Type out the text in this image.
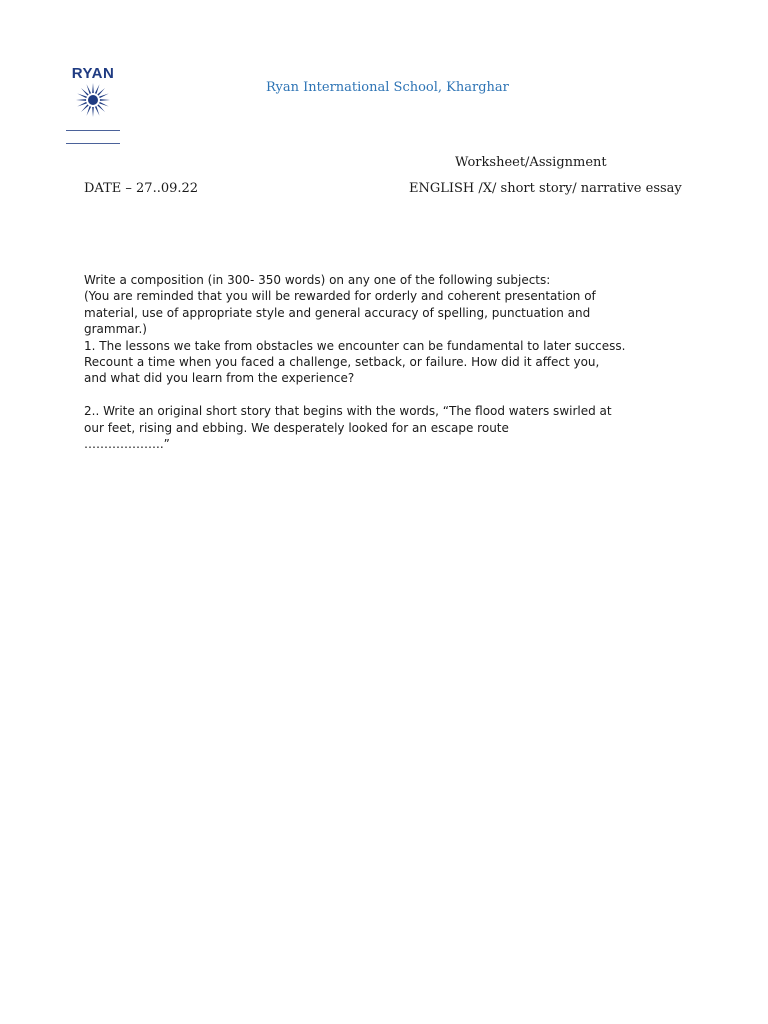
RYAN
Ryan International School, Kharghar
Worksheet/Assignment
DATE – 27..09.22	ENGLISH /X/ short story/ narrative essay
Write a composition (in 300- 350 words) on any one of the following subjects:
(You are reminded that you will be rewarded for orderly and coherent presentation of
material, use of appropriate style and general accuracy of spelling, punctuation and
grammar.)
1. The lessons we take from obstacles we encounter can be fundamental to later success.
Recount a time when you faced a challenge, setback, or failure. How did it affect you,
and what did you learn from the experience?
2.. Write an original short story that begins with the words, “The flood waters swirled at
our feet, rising and ebbing. We desperately looked for an escape route
………………..”
